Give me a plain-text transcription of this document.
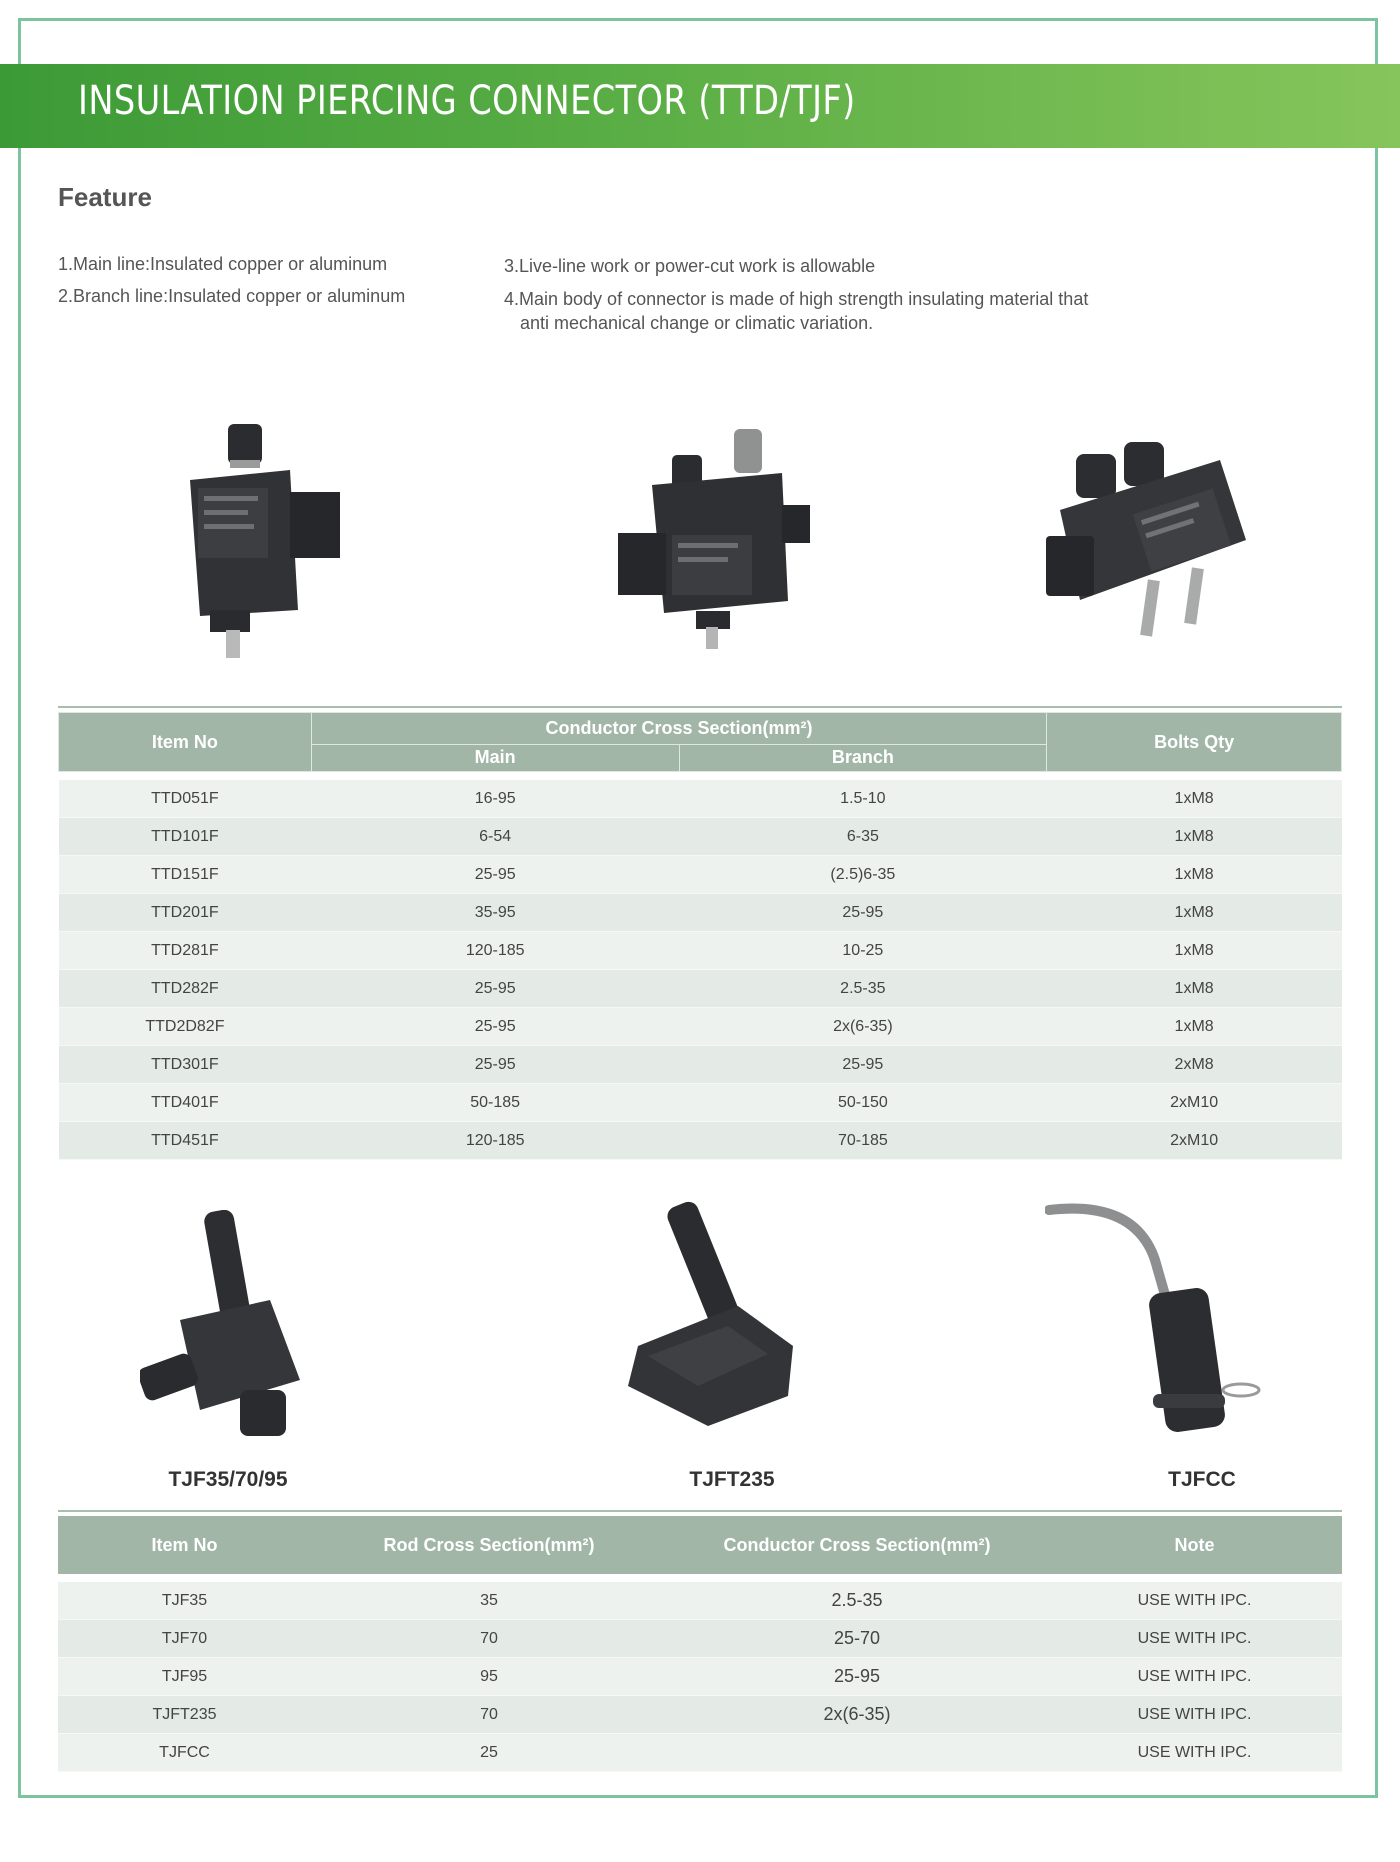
INSULATION PIERCING CONNECTOR (TTD/TJF)
Feature
1.Main line:Insulated copper or aluminum
2.Branch line:Insulated copper or aluminum
3.Live-line work or power-cut work is allowable
4.Main body of connector is made of high strength insulating material that
anti mechanical change or climatic variation.
Item No	Conductor Cross Section(mm²)		Bolts Qty
	Main	Branch	

TTD051F	16-95	1.5-10	1xM8
TTD101F	6-54	6-35	1xM8
TTD151F	25-95	(2.5)6-35	1xM8
TTD201F	35-95	25-95	1xM8
TTD281F	120-185	10-25	1xM8
TTD282F	25-95	2.5-35	1xM8
TTD2D82F	25-95	2x(6-35)	1xM8
TTD301F	25-95	25-95	2xM8
TTD401F	50-185	50-150	2xM10
TTD451F	120-185	70-185	2xM10
TJF35/70/95	TJFT235	TJFCC
Item No	Rod Cross Section(mm²)	Conductor Cross Section(mm²)	Note

TJF35	35	2.5-35	USE WITH IPC.
TJF70	70	25-70	USE WITH IPC.
TJF95	95	25-95	USE WITH IPC.
TJFT235	70	2x(6-35)	USE WITH IPC.
TJFCC	25		USE WITH IPC.
